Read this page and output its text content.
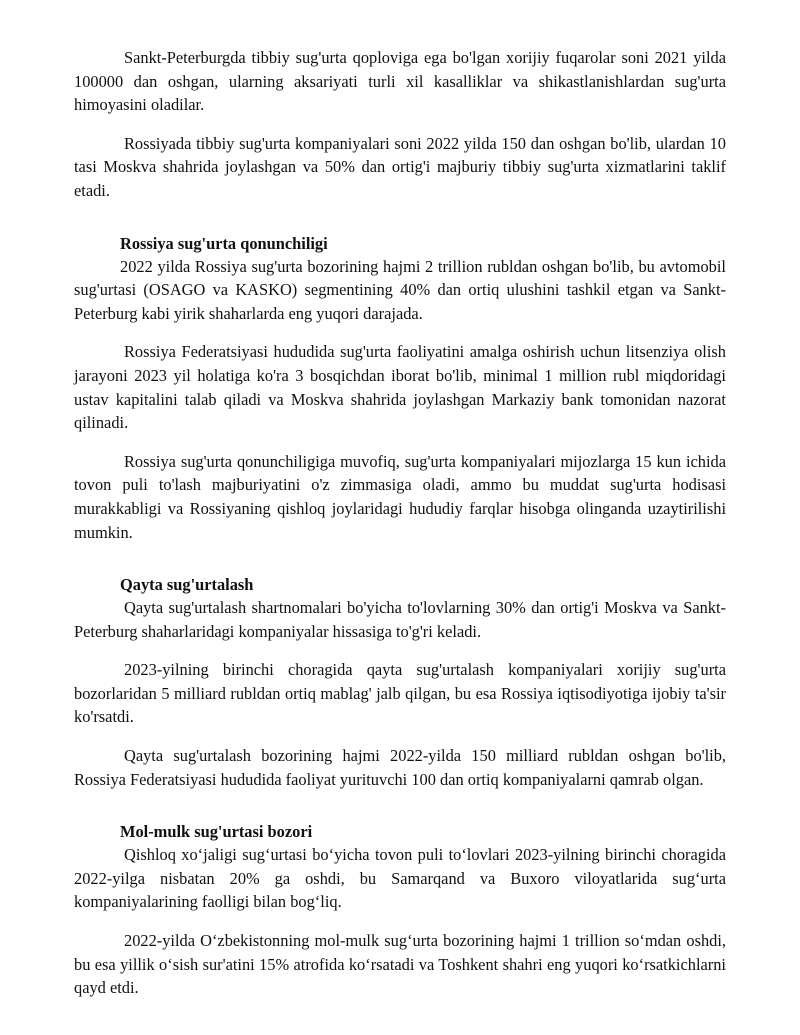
Sankt-Peterburgda tibbiy sug'urta qoploviga ega bo'lgan xorijiy fuqarolar soni 2021 yilda 100000 dan oshgan, ularning aksariyati turli xil kasalliklar va shikastlanishlardan sug'urta himoyasini oladilar.

Rossiyada tibbiy sug'urta kompaniyalari soni 2022 yilda 150 dan oshgan bo'lib, ulardan 10 tasi Moskva shahrida joylashgan va 50% dan ortig'i majburiy tibbiy sug'urta xizmatlarini taklif etadi.

Rossiya sug'urta qonunchiligi

2022 yilda Rossiya sug'urta bozorining hajmi 2 trillion rubldan oshgan bo'lib, bu avtomobil sug'urtasi (OSAGO va KASKO) segmentining 40% dan ortiq ulushini tashkil etgan va Sankt-Peterburg kabi yirik shaharlarda eng yuqori darajada.

Rossiya Federatsiyasi hududida sug'urta faoliyatini amalga oshirish uchun litsenziya olish jarayoni 2023 yil holatiga ko'ra 3 bosqichdan iborat bo'lib, minimal 1 million rubl miqdoridagi ustav kapitalini talab qiladi va Moskva shahrida joylashgan Markaziy bank tomonidan nazorat qilinadi.

Rossiya sug'urta qonunchiligiga muvofiq, sug'urta kompaniyalari mijozlarga 15 kun ichida tovon puli to'lash majburiyatini o'z zimmasiga oladi, ammo bu muddat sug'urta hodisasi murakkabligi va Rossiyaning qishloq joylaridagi hududiy farqlar hisobga olinganda uzaytirilishi mumkin.

Qayta sug'urtalash

Qayta sug'urtalash shartnomalari bo'yicha to'lovlarning 30% dan ortig'i Moskva va Sankt-Peterburg shaharlaridagi kompaniyalar hissasiga to'g'ri keladi.

2023-yilning birinchi choragida qayta sug'urtalash kompaniyalari xorijiy sug'urta bozorlaridan 5 milliard rubldan ortiq mablag' jalb qilgan, bu esa Rossiya iqtisodiyotiga ijobiy ta'sir ko'rsatdi.

Qayta sug'urtalash bozorining hajmi 2022-yilda 150 milliard rubldan oshgan bo'lib, Rossiya Federatsiyasi hududida faoliyat yurituvchi 100 dan ortiq kompaniyalarni qamrab olgan.

Mol-mulk sug'urtasi bozori

Qishloq xoʻjaligi sugʻurtasi boʻyicha tovon puli toʻlovlari 2023-yilning birinchi choragida 2022-yilga nisbatan 20% ga oshdi, bu Samarqand va Buxoro viloyatlarida sugʻurta kompaniyalarining faolligi bilan bogʻliq.

2022-yilda Oʻzbekistonning mol-mulk sugʻurta bozorining hajmi 1 trillion soʻmdan oshdi, bu esa yillik oʻsish sur'atini 15% atrofida koʻrsatadi va Toshkent shahri eng yuqori koʻrsatkichlarni qayd etdi.
